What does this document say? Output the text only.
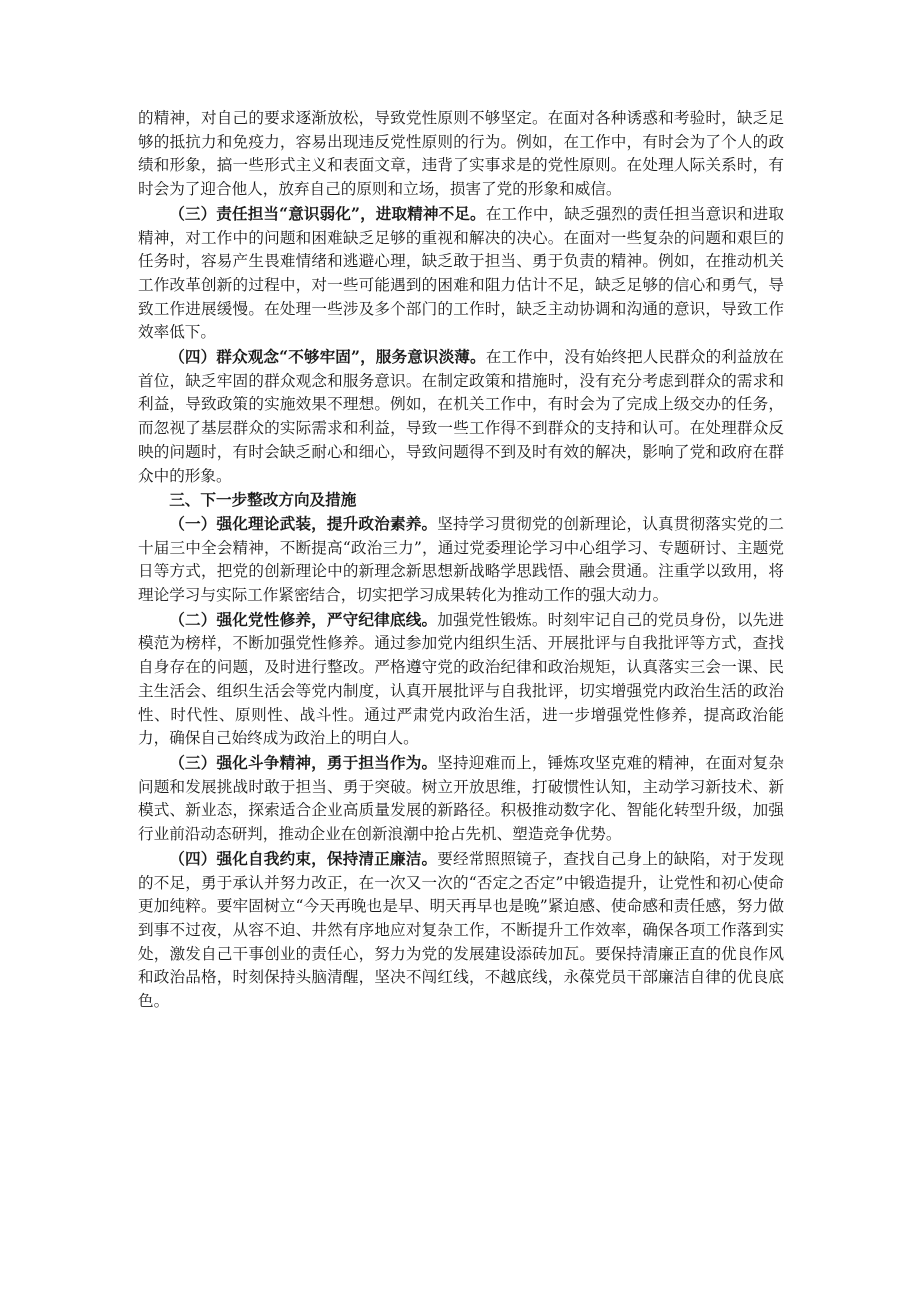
的精神，对自己的要求逐渐放松，导致党性原则不够坚定。在面对各种诱惑和考验时，缺乏足够的抵抗力和免疫力，容易出现违反党性原则的行为。例如，在工作中，有时会为了个人的政绩和形象，搞一些形式主义和表面文章，违背了实事求是的党性原则。在处理人际关系时，有时会为了迎合他人，放弃自己的原则和立场，损害了党的形象和威信。

（三）责任担当“意识弱化”，进取精神不足。在工作中，缺乏强烈的责任担当意识和进取精神，对工作中的问题和困难缺乏足够的重视和解决的决心。在面对一些复杂的问题和艰巨的任务时，容易产生畏难情绪和逃避心理，缺乏敢于担当、勇于负责的精神。例如，在推动机关工作改革创新的过程中，对一些可能遇到的困难和阻力估计不足，缺乏足够的信心和勇气，导致工作进展缓慢。在处理一些涉及多个部门的工作时，缺乏主动协调和沟通的意识，导致工作效率低下。

（四）群众观念“不够牢固”，服务意识淡薄。在工作中，没有始终把人民群众的利益放在首位，缺乏牢固的群众观念和服务意识。在制定政策和措施时，没有充分考虑到群众的需求和利益，导致政策的实施效果不理想。例如，在机关工作中，有时会为了完成上级交办的任务，而忽视了基层群众的实际需求和利益，导致一些工作得不到群众的支持和认可。在处理群众反映的问题时，有时会缺乏耐心和细心，导致问题得不到及时有效的解决，影响了党和政府在群众中的形象。

三、下一步整改方向及措施

（一）强化理论武装，提升政治素养。坚持学习贯彻党的创新理论，认真贯彻落实党的二十届三中全会精神，不断提高“政治三力”，通过党委理论学习中心组学习、专题研讨、主题党日等方式，把党的创新理论中的新理念新思想新战略学思践悟、融会贯通。注重学以致用，将理论学习与实际工作紧密结合，切实把学习成果转化为推动工作的强大动力。

（二）强化党性修养，严守纪律底线。加强党性锻炼。时刻牢记自己的党员身份，以先进模范为榜样，不断加强党性修养。通过参加党内组织生活、开展批评与自我批评等方式，查找自身存在的问题，及时进行整改。严格遵守党的政治纪律和政治规矩，认真落实三会一课、民主生活会、组织生活会等党内制度，认真开展批评与自我批评，切实增强党内政治生活的政治性、时代性、原则性、战斗性。通过严肃党内政治生活，进一步增强党性修养，提高政治能力，确保自己始终成为政治上的明白人。

（三）强化斗争精神，勇于担当作为。坚持迎难而上，锤炼攻坚克难的精神，在面对复杂问题和发展挑战时敢于担当、勇于突破。树立开放思维，打破惯性认知，主动学习新技术、新模式、新业态，探索适合企业高质量发展的新路径。积极推动数字化、智能化转型升级，加强行业前沿动态研判，推动企业在创新浪潮中抢占先机、塑造竞争优势。

（四）强化自我约束，保持清正廉洁。要经常照照镜子，查找自己身上的缺陷，对于发现的不足，勇于承认并努力改正，在一次又一次的“否定之否定”中锻造提升，让党性和初心使命更加纯粹。要牢固树立“今天再晚也是早、明天再早也是晚”紧迫感、使命感和责任感，努力做到事不过夜，从容不迫、井然有序地应对复杂工作，不断提升工作效率，确保各项工作落到实处，激发自己干事创业的责任心，努力为党的发展建设添砖加瓦。要保持清廉正直的优良作风和政治品格，时刻保持头脑清醒，坚决不闯红线，不越底线，永葆党员干部廉洁自律的优良底色。
